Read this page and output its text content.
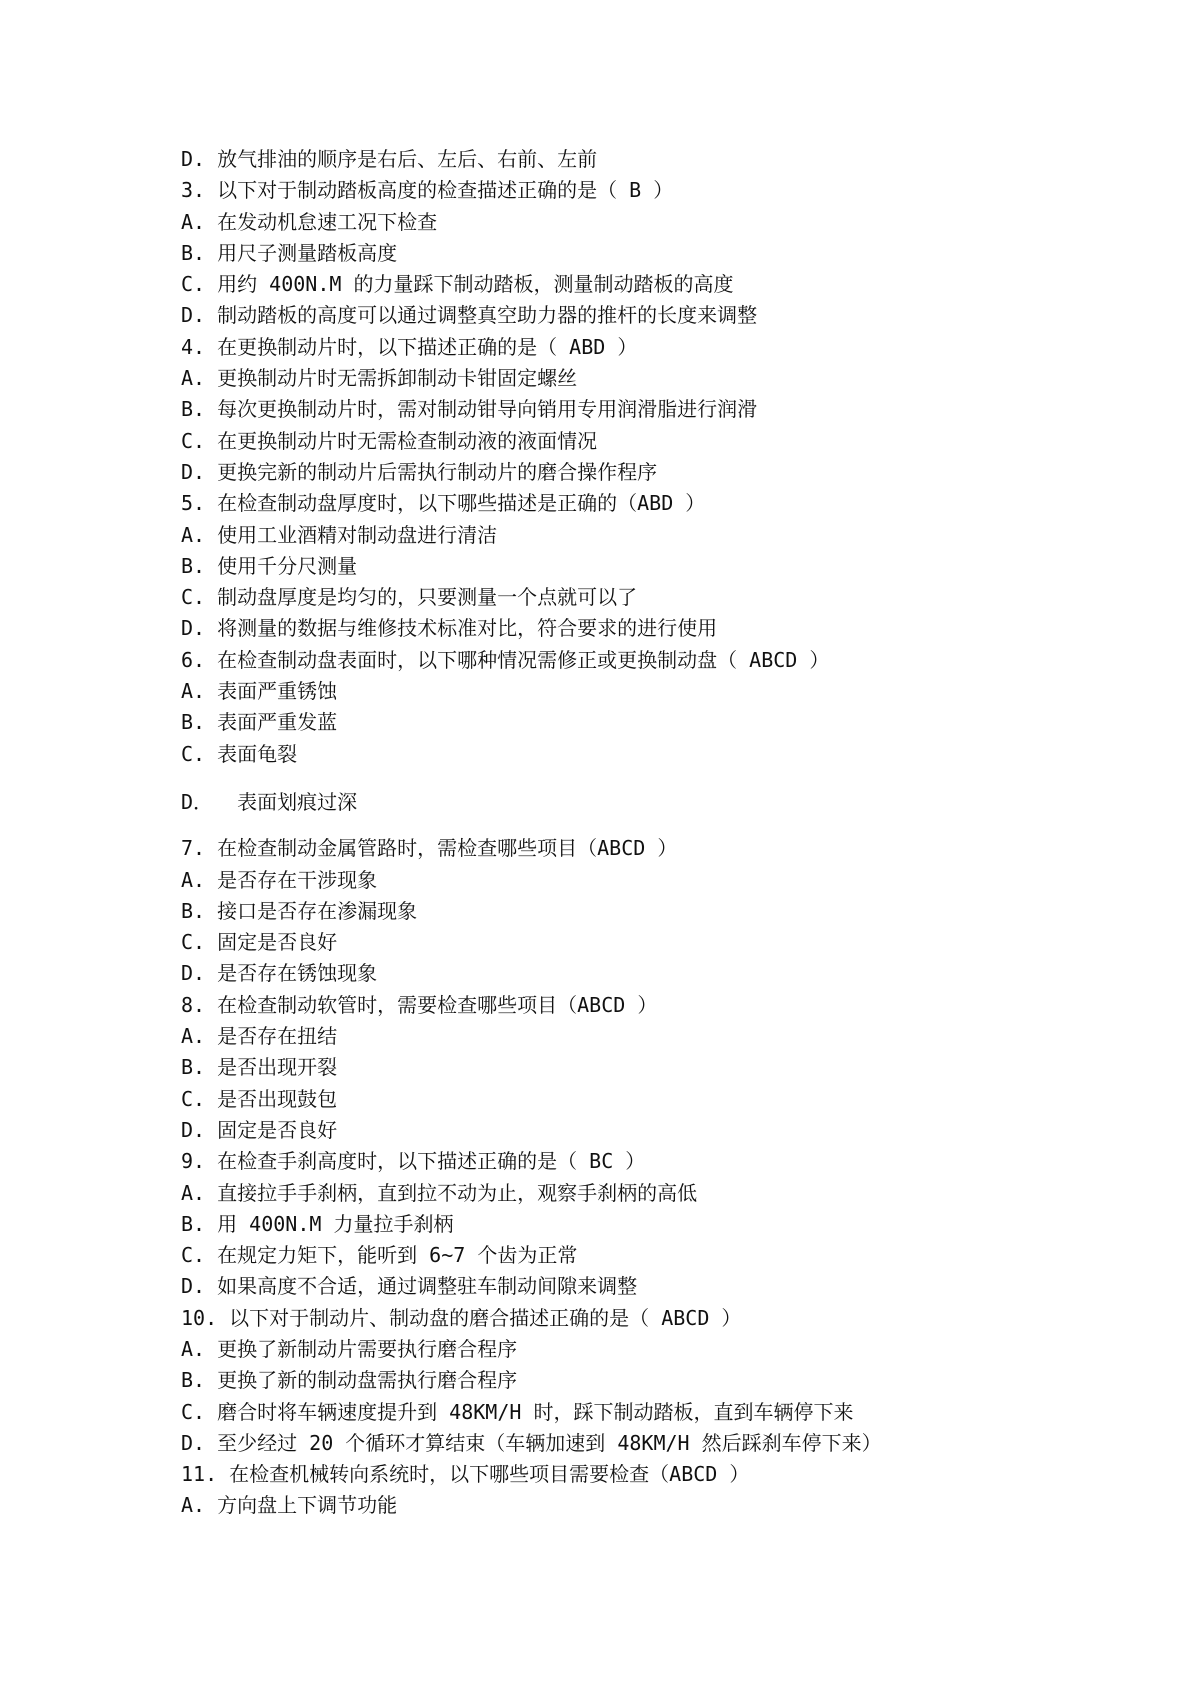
D. 放气排油的顺序是右后、左后、右前、左前
3. 以下对于制动踏板高度的检查描述正确的是（ B ）
A. 在发动机怠速工况下检查
B. 用尺子测量踏板高度
C. 用约 400N.M 的力量踩下制动踏板，测量制动踏板的高度
D. 制动踏板的高度可以通过调整真空助力器的推杆的长度来调整
4. 在更换制动片时，以下描述正确的是（ ABD ）
A. 更换制动片时无需拆卸制动卡钳固定螺丝
B. 每次更换制动片时，需对制动钳导向销用专用润滑脂进行润滑
C. 在更换制动片时无需检查制动液的液面情况
D. 更换完新的制动片后需执行制动片的磨合操作程序
5. 在检查制动盘厚度时，以下哪些描述是正确的（ABD ）
A. 使用工业酒精对制动盘进行清洁
B. 使用千分尺测量
C. 制动盘厚度是均匀的，只要测量一个点就可以了
D. 将测量的数据与维修技术标准对比，符合要求的进行使用
6. 在检查制动盘表面时，以下哪种情况需修正或更换制动盘（ ABCD ）
A. 表面严重锈蚀
B. 表面严重发蓝
C. 表面龟裂
D．  表面划痕过深
7. 在检查制动金属管路时，需检查哪些项目（ABCD ）
A. 是否存在干涉现象
B. 接口是否存在渗漏现象
C. 固定是否良好
D. 是否存在锈蚀现象
8. 在检查制动软管时，需要检查哪些项目（ABCD ）
A. 是否存在扭结
B. 是否出现开裂
C. 是否出现鼓包
D. 固定是否良好
9. 在检查手刹高度时，以下描述正确的是（ BC ）
A. 直接拉手手刹柄，直到拉不动为止，观察手刹柄的高低
B. 用 400N.M 力量拉手刹柄
C. 在规定力矩下，能听到 6~7 个齿为正常
D. 如果高度不合适，通过调整驻车制动间隙来调整
10. 以下对于制动片、制动盘的磨合描述正确的是（ ABCD ）
A. 更换了新制动片需要执行磨合程序
B. 更换了新的制动盘需执行磨合程序
C. 磨合时将车辆速度提升到 48KM/H 时，踩下制动踏板，直到车辆停下来
D. 至少经过 20 个循环才算结束（车辆加速到 48KM/H 然后踩刹车停下来）
11. 在检查机械转向系统时，以下哪些项目需要检查（ABCD ）
A. 方向盘上下调节功能
